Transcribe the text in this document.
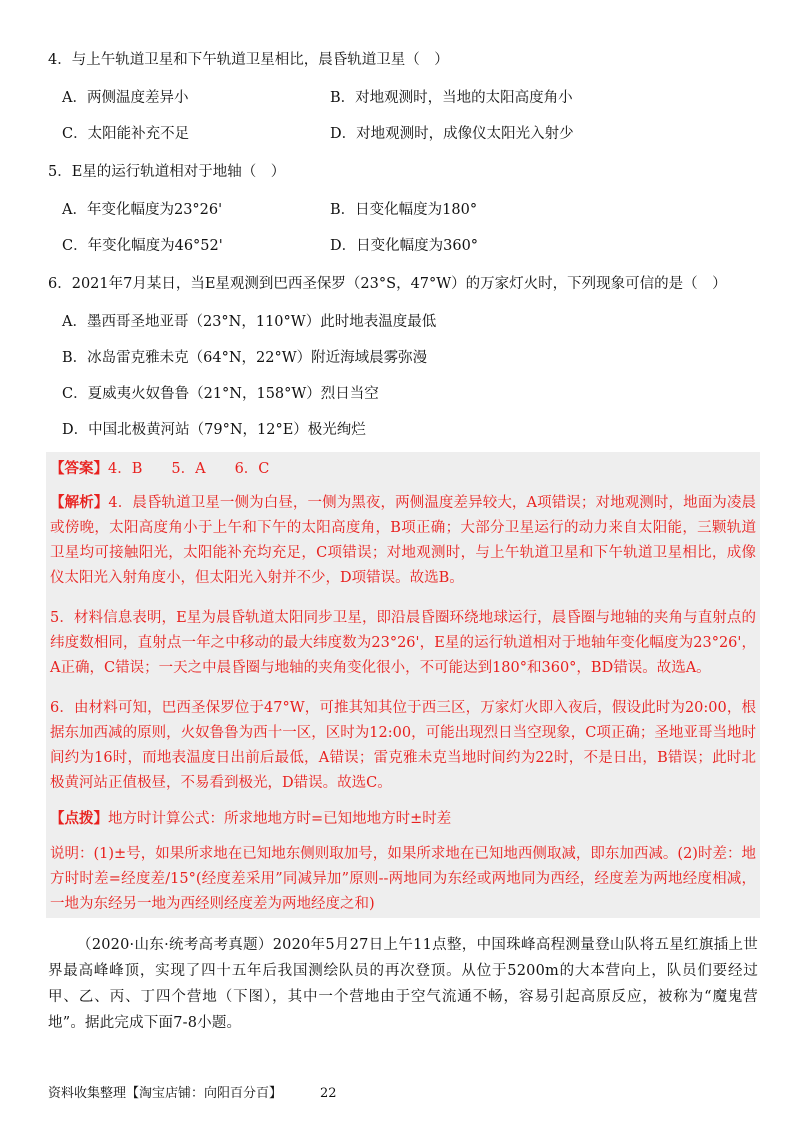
4．与上午轨道卫星和下午轨道卫星相比，晨昏轨道卫星（　）
A．两侧温度差异小	B．对地观测时，当地的太阳高度角小
C．太阳能补充不足	D．对地观测时，成像仪太阳光入射少
5．E星的运行轨道相对于地轴（　）
A．年变化幅度为23°26'	B．日变化幅度为180°
C．年变化幅度为46°52'	D．日变化幅度为360°
6．2021年7月某日，当E星观测到巴西圣保罗（23°S，47°W）的万家灯火时，下列现象可信的是（　）
A．墨西哥圣地亚哥（23°N，110°W）此时地表温度最低
B．冰岛雷克雅未克（64°N，22°W）附近海域晨雾弥漫
C．夏威夷火奴鲁鲁（21°N，158°W）烈日当空
D．中国北极黄河站（79°N，12°E）极光绚烂
【答案】4．B　　5．A　　6．C
【解析】4．晨昏轨道卫星一侧为白昼，一侧为黑夜，两侧温度差异较大，A项错误；对地观测时，地面为凌晨或傍晚，太阳高度角小于上午和下午的太阳高度角，B项正确；大部分卫星运行的动力来自太阳能，三颗轨道卫星均可接触阳光，太阳能补充均充足，C项错误；对地观测时，与上午轨道卫星和下午轨道卫星相比，成像仪太阳光入射角度小，但太阳光入射并不少，D项错误。故选B。
5．材料信息表明，E星为晨昏轨道太阳同步卫星，即沿晨昏圈环绕地球运行，晨昏圈与地轴的夹角与直射点的纬度数相同，直射点一年之中移动的最大纬度数为23°26'，E星的运行轨道相对于地轴年变化幅度为23°26'，A正确，C错误；一天之中晨昏圈与地轴的夹角变化很小，不可能达到180°和360°，BD错误。故选A。
6．由材料可知，巴西圣保罗位于47°W，可推其知其位于西三区，万家灯火即入夜后，假设此时为20:00，根据东加西减的原则，火奴鲁鲁为西十一区，区时为12:00，可能出现烈日当空现象，C项正确；圣地亚哥当地时间约为16时，而地表温度日出前后最低，A错误；雷克雅未克当地时间约为22时，不是日出，B错误；此时北极黄河站正值极昼，不易看到极光，D错误。故选C。
【点拨】地方时计算公式：所求地地方时=已知地地方时±时差
说明：(1)±号，如果所求地在已知地东侧则取加号，如果所求地在已知地西侧取减，即东加西减。(2)时差：地方时时差=经度差/15°(经度差采用”同减异加”原则--两地同为东经或两地同为西经，经度差为两地经度相减，一地为东经另一地为西经则经度差为两地经度之和)
（2020·山东·统考高考真题）2020年5月27日上午11点整，中国珠峰高程测量登山队将五星红旗插上世界最高峰峰顶，实现了四十五年后我国测绘队员的再次登顶。从位于5200m的大本营向上，队员们要经过甲、乙、丙、丁四个营地（下图），其中一个营地由于空气流通不畅，容易引起高原反应，被称为“魔鬼营地”。据此完成下面7-8小题。
资料收集整理【淘宝店铺：向阳百分百】	22
